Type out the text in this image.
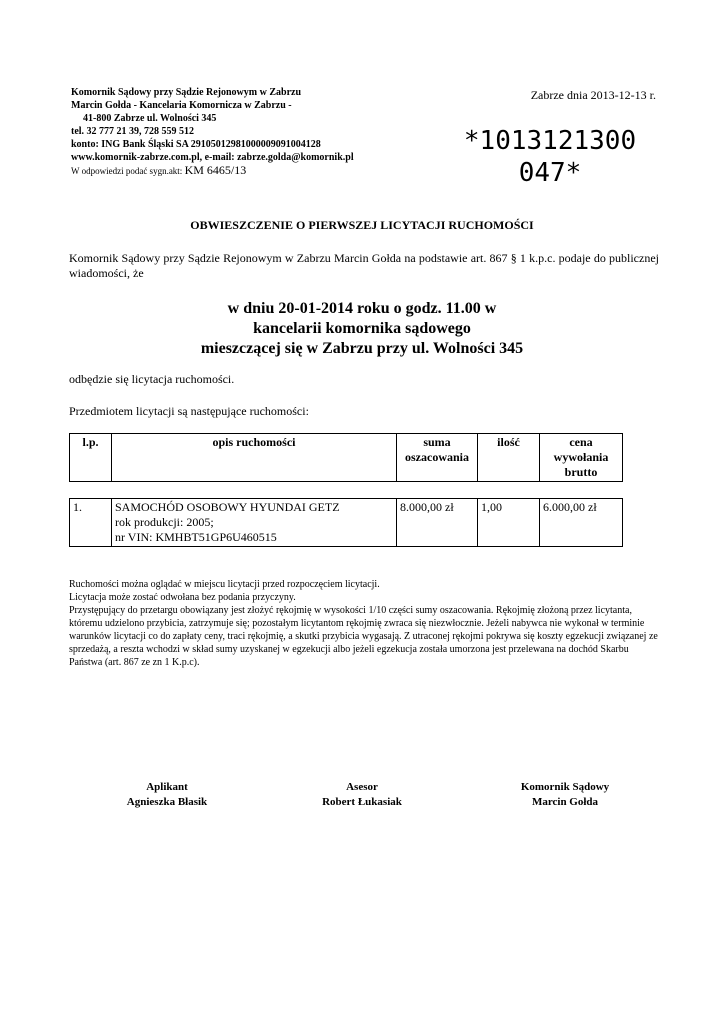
Komornik Sądowy przy Sądzie Rejonowym w Zabrzu
Marcin Gołda - Kancelaria Komornicza w Zabrzu -
41-800 Zabrze ul. Wolności 345
tel. 32 777 21 39, 728 559 512
konto: ING Bank Śląski SA 29105012981000009091004128
www.komornik-zabrze.com.pl, e-mail: zabrze.golda@komornik.pl
W odpowiedzi podać sygn.akt: KM 6465/13
Zabrze dnia 2013-12-13 r.
*1013121300
047*
OBWIESZCZENIE O PIERWSZEJ LICYTACJI RUCHOMOŚCI
Komornik Sądowy przy Sądzie Rejonowym w Zabrzu Marcin Gołda na podstawie art. 867 § 1 k.p.c. podaje do publicznej wiadomości, że
w dniu 20-01-2014 roku o godz. 11.00 w
kancelarii komornika sądowego
mieszczącej się w Zabrzu przy ul. Wolności 345
odbędzie się licytacja ruchomości.
Przedmiotem licytacji są następujące ruchomości:
l.p.	opis ruchomości	suma oszacowania	ilość	cena wywołania brutto
1.	SAMOCHÓD OSOBOWY HYUNDAI GETZ
rok produkcji: 2005;
nr VIN: KMHBT51GP6U460515
	8.000,00 zł	1,00	6.000,00 zł
Ruchomości można oglądać w miejscu licytacji przed rozpoczęciem licytacji.
Licytacja może zostać odwołana bez podania przyczyny.
Przystępujący do przetargu obowiązany jest złożyć rękojmię w wysokości 1/10 części sumy oszacowania. Rękojmię złożoną przez licytanta, któremu udzielono przybicia, zatrzymuje się; pozostałym licytantom rękojmię zwraca się niezwłocznie. Jeżeli nabywca nie wykonał w terminie warunków licytacji co do zapłaty ceny, traci rękojmię, a skutki przybicia wygasają. Z utraconej rękojmi pokrywa się koszty egzekucji związanej ze sprzedażą, a reszta wchodzi w skład sumy uzyskanej w egzekucji albo jeżeli egzekucja została umorzona jest przelewana na dochód Skarbu Państwa (art. 867 ze zn 1 K.p.c).
Aplikant
Agnieszka Błasik
Asesor
Robert Łukasiak
Komornik Sądowy
Marcin Gołda
